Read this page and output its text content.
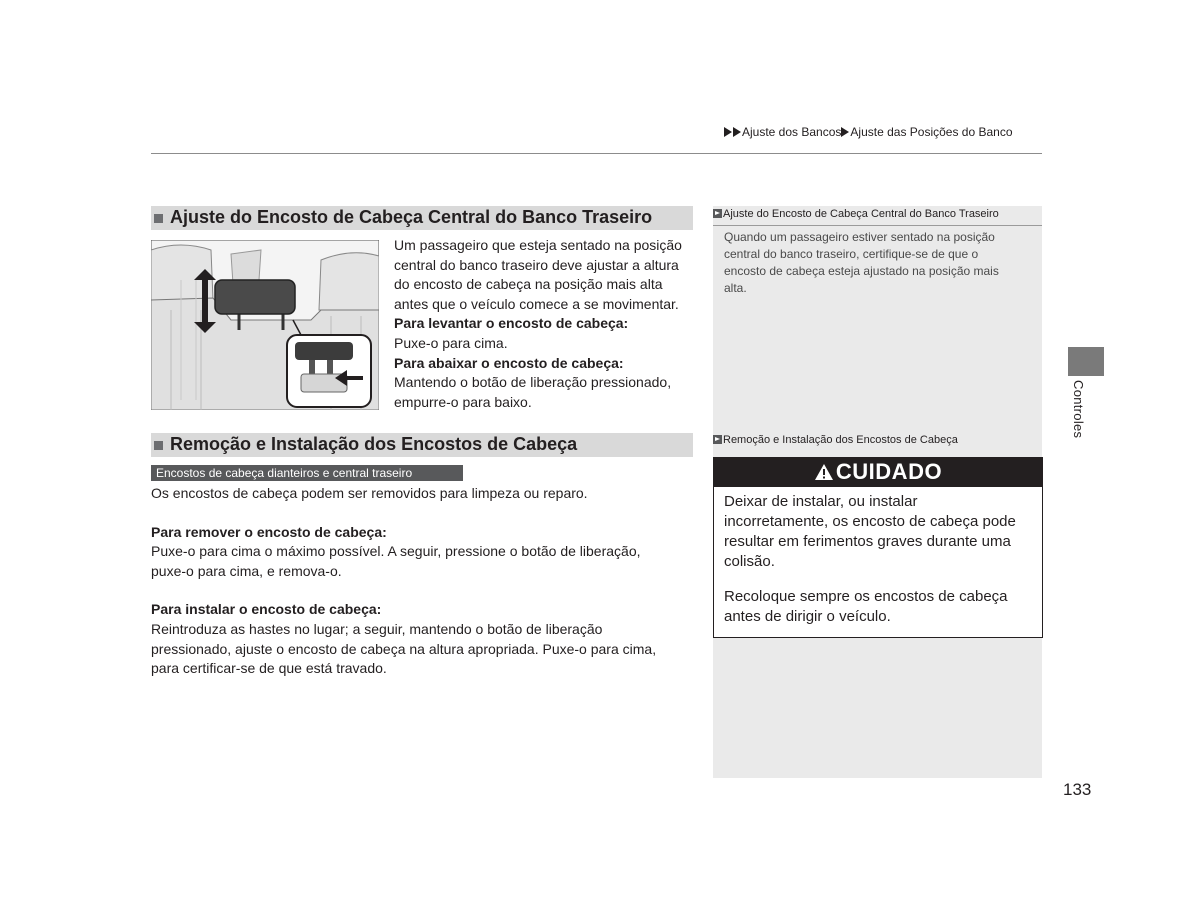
Ajuste dos Bancos Ajuste das Posições do Banco
Controles
Ajuste do Encosto de Cabeça Central do Banco Traseiro
Um passageiro que esteja sentado na posição
central do banco traseiro deve ajustar a altura
do encosto de cabeça na posição mais alta
antes que o veículo comece a se movimentar.
Para levantar o encosto de cabeça:
Puxe-o para cima.
Para abaixar o encosto de cabeça:
Mantendo o botão de liberação pressionado,
empurre-o para baixo.
Remoção e Instalação dos Encostos de Cabeça
Encostos de cabeça dianteiros e central traseiro
Os encostos de cabeça podem ser removidos para limpeza ou reparo.
Para remover o encosto de cabeça:
Puxe-o para cima o máximo possível. A seguir, pressione o botão de liberação,
puxe-o para cima, e remova-o.
Para instalar o encosto de cabeça:
Reintroduza as hastes no lugar; a seguir, mantendo o botão de liberação
pressionado, ajuste o encosto de cabeça na altura apropriada. Puxe-o para cima,
para certificar-se de que está travado.
Ajuste do Encosto de Cabeça Central do Banco Traseiro
Quando um passageiro estiver sentado na posição
central do banco traseiro, certifique-se de que o
encosto de cabeça esteja ajustado na posição mais
alta.
Remoção e Instalação dos Encostos de Cabeça
CUIDADO

Deixar de instalar, ou instalar
incorretamente, os encosto de cabeça pode
resultar em ferimentos graves durante uma
colisão.

Recoloque sempre os encostos de cabeça
antes de dirigir o veículo.

133
